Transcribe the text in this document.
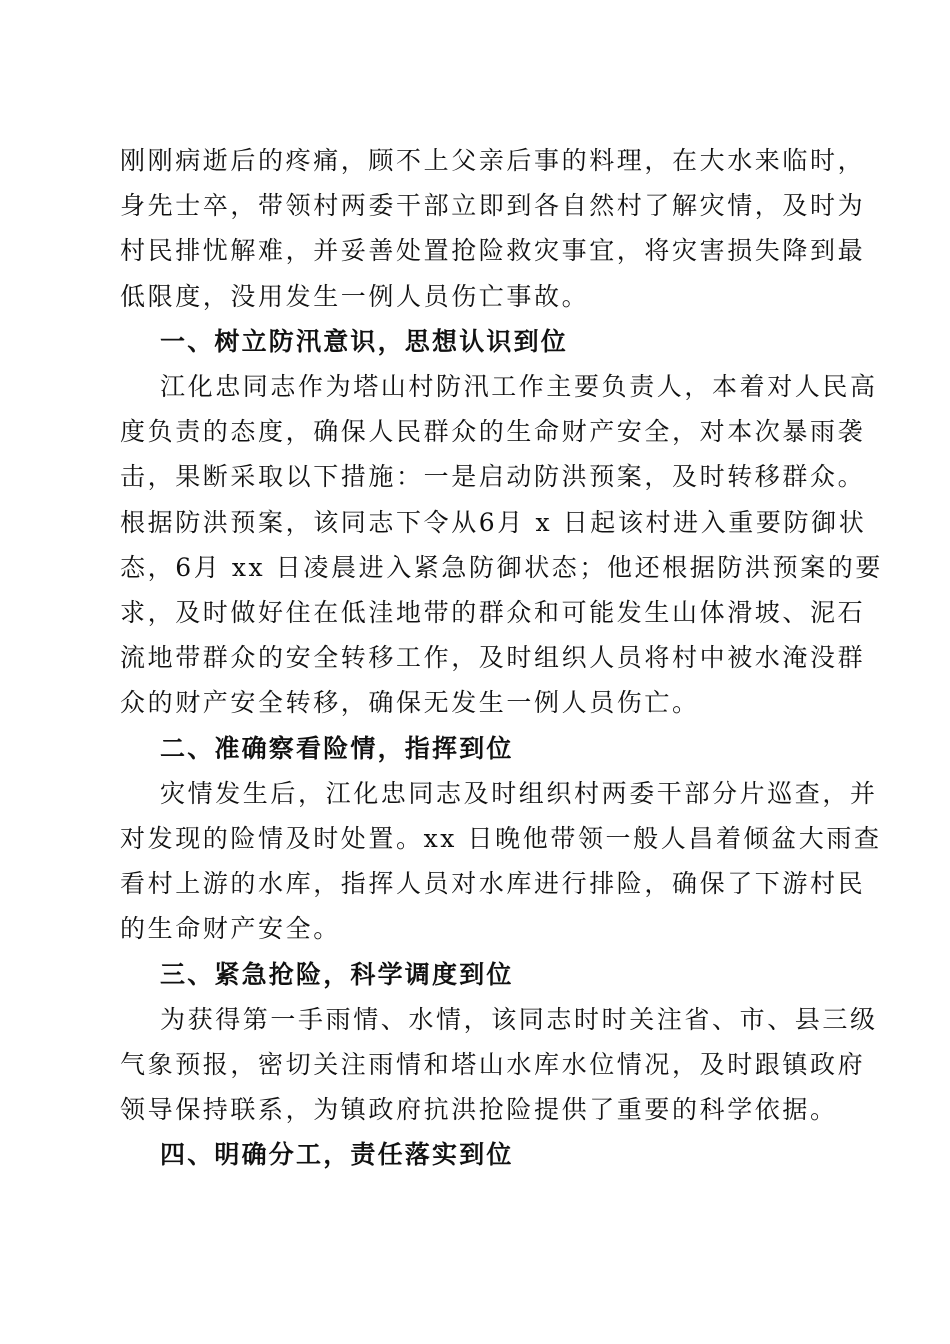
刚刚病逝后的疼痛，顾不上父亲后事的料理，在大水来临时，
身先士卒，带领村两委干部立即到各自然村了解灾情，及时为
村民排忧解难，并妥善处置抢险救灾事宜，将灾害损失降到最
低限度，没用发生一例人员伤亡事故。

一、树立防汛意识，思想认识到位

江化忠同志作为塔山村防汛工作主要负责人，本着对人民高
度负责的态度，确保人民群众的生命财产安全，对本次暴雨袭
击，果断采取以下措施：一是启动防洪预案，及时转移群众。
根据防洪预案，该同志下令从6月 x 日起该村进入重要防御状
态，6月 xx 日凌晨进入紧急防御状态；他还根据防洪预案的要
求，及时做好住在低洼地带的群众和可能发生山体滑坡、泥石
流地带群众的安全转移工作，及时组织人员将村中被水淹没群
众的财产安全转移，确保无发生一例人员伤亡。

二、准确察看险情，指挥到位

灾情发生后，江化忠同志及时组织村两委干部分片巡查，并
对发现的险情及时处置。xx 日晚他带领一般人昌着倾盆大雨查
看村上游的水库，指挥人员对水库进行排险，确保了下游村民
的生命财产安全。

三、紧急抢险，科学调度到位

为获得第一手雨情、水情，该同志时时关注省、市、县三级
气象预报，密切关注雨情和塔山水库水位情况，及时跟镇政府
领导保持联系，为镇政府抗洪抢险提供了重要的科学依据。

四、明确分工，责任落实到位
